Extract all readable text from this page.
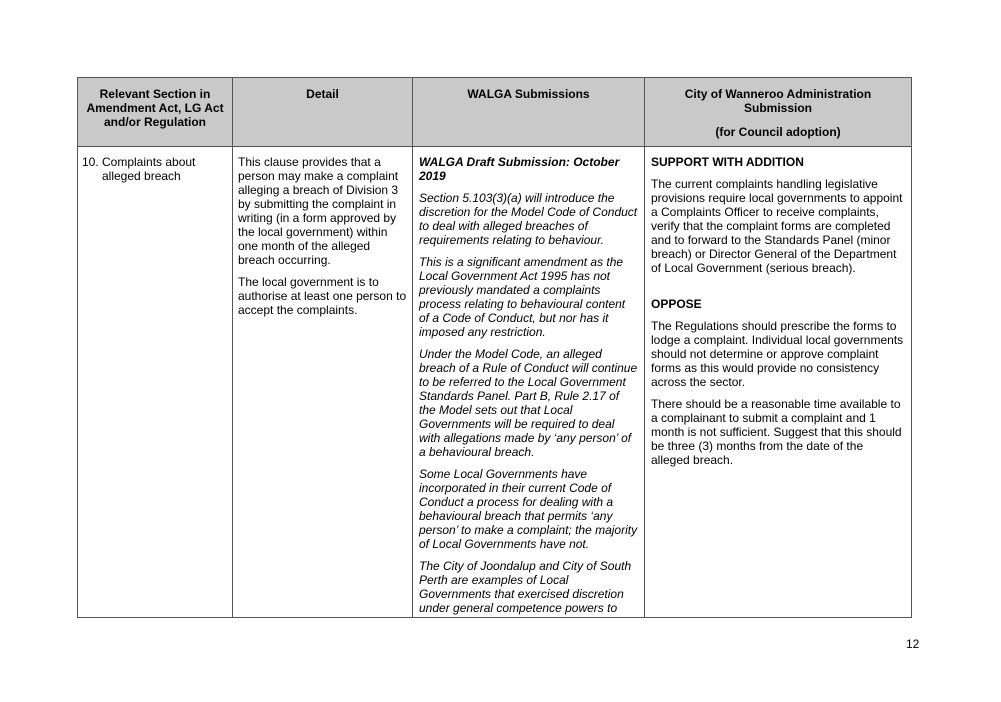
Relevant Section in Amendment Act, LG Act and/or Regulation
Detail	WALGA Submissions	City of Wanneroo Administration Submission
(for Council adoption)
10. Complaints about alleged breach

This clause provides that a person may make a complaint alleging a breach of Division 3 by submitting the complaint in writing (in a form approved by the local government) within one month of the alleged breach occurring.

The local government is to authorise at least one person to accept the complaints.

WALGA Draft Submission: October 2019

Section 5.103(3)(a) will introduce the discretion for the Model Code of Conduct to deal with alleged breaches of requirements relating to behaviour.

This is a significant amendment as the Local Government Act 1995 has not previously mandated a complaints process relating to behavioural content of a Code of Conduct, but nor has it imposed any restriction.

Under the Model Code, an alleged breach of a Rule of Conduct will continue to be referred to the Local Government Standards Panel. Part B, Rule 2.17 of the Model sets out that Local Governments will be required to deal with allegations made by ‘any person’ of a behavioural breach.

Some Local Governments have incorporated in their current Code of Conduct a process for dealing with a behavioural breach that permits ‘any person’ to make a complaint; the majority of Local Governments have not.

The City of Joondalup and City of South Perth are examples of Local Governments that exercised discretion under general competence powers to

SUPPORT WITH ADDITION

The current complaints handling legislative provisions require local governments to appoint a Complaints Officer to receive complaints, verify that the complaint forms are completed and to forward to the Standards Panel (minor breach) or Director General of the Department of Local Government (serious breach).

OPPOSE

The Regulations should prescribe the forms to lodge a complaint. Individual local governments should not determine or approve complaint forms as this would provide no consistency across the sector.

There should be a reasonable time available to a complainant to submit a complaint and 1 month is not sufficient. Suggest that this should be three (3) months from the date of the alleged breach.

12
